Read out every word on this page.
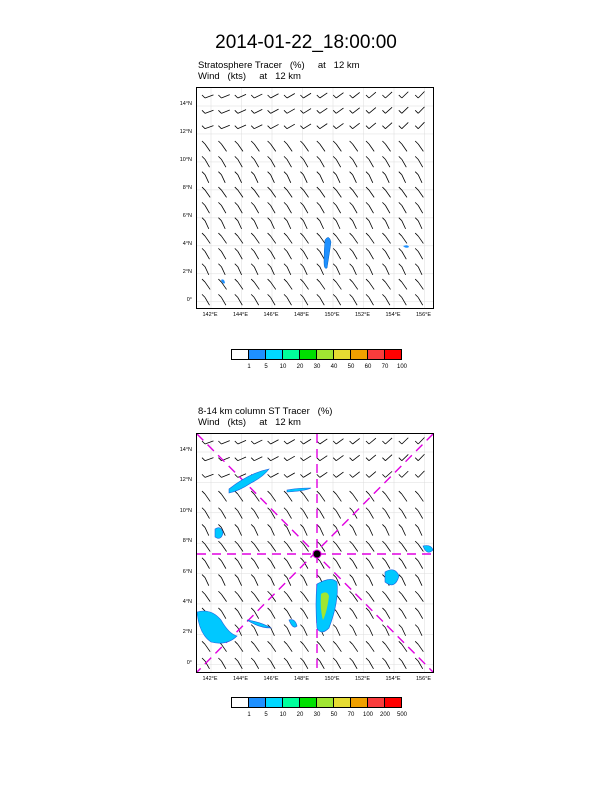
2014-01-22_18:00:00
Stratosphere Tracer   (%)     at   12 km
Wind   (kts)     at   12 km
14°N
12°N
10°N
8°N
6°N
4°N
2°N
0°
142°E	144°E	146°E	148°E	150°E	152°E	154°E	156°E
1	5	10	20	30	40	50	60	70	100
8-14 km column ST Tracer   (%)
Wind   (kts)     at   12 km
14°N
12°N
10°N
8°N
6°N
4°N
2°N
0°
142°E	144°E	146°E	148°E	150°E	152°E	154°E	156°E
1	5	10	20	30	50	70	100	200	500
